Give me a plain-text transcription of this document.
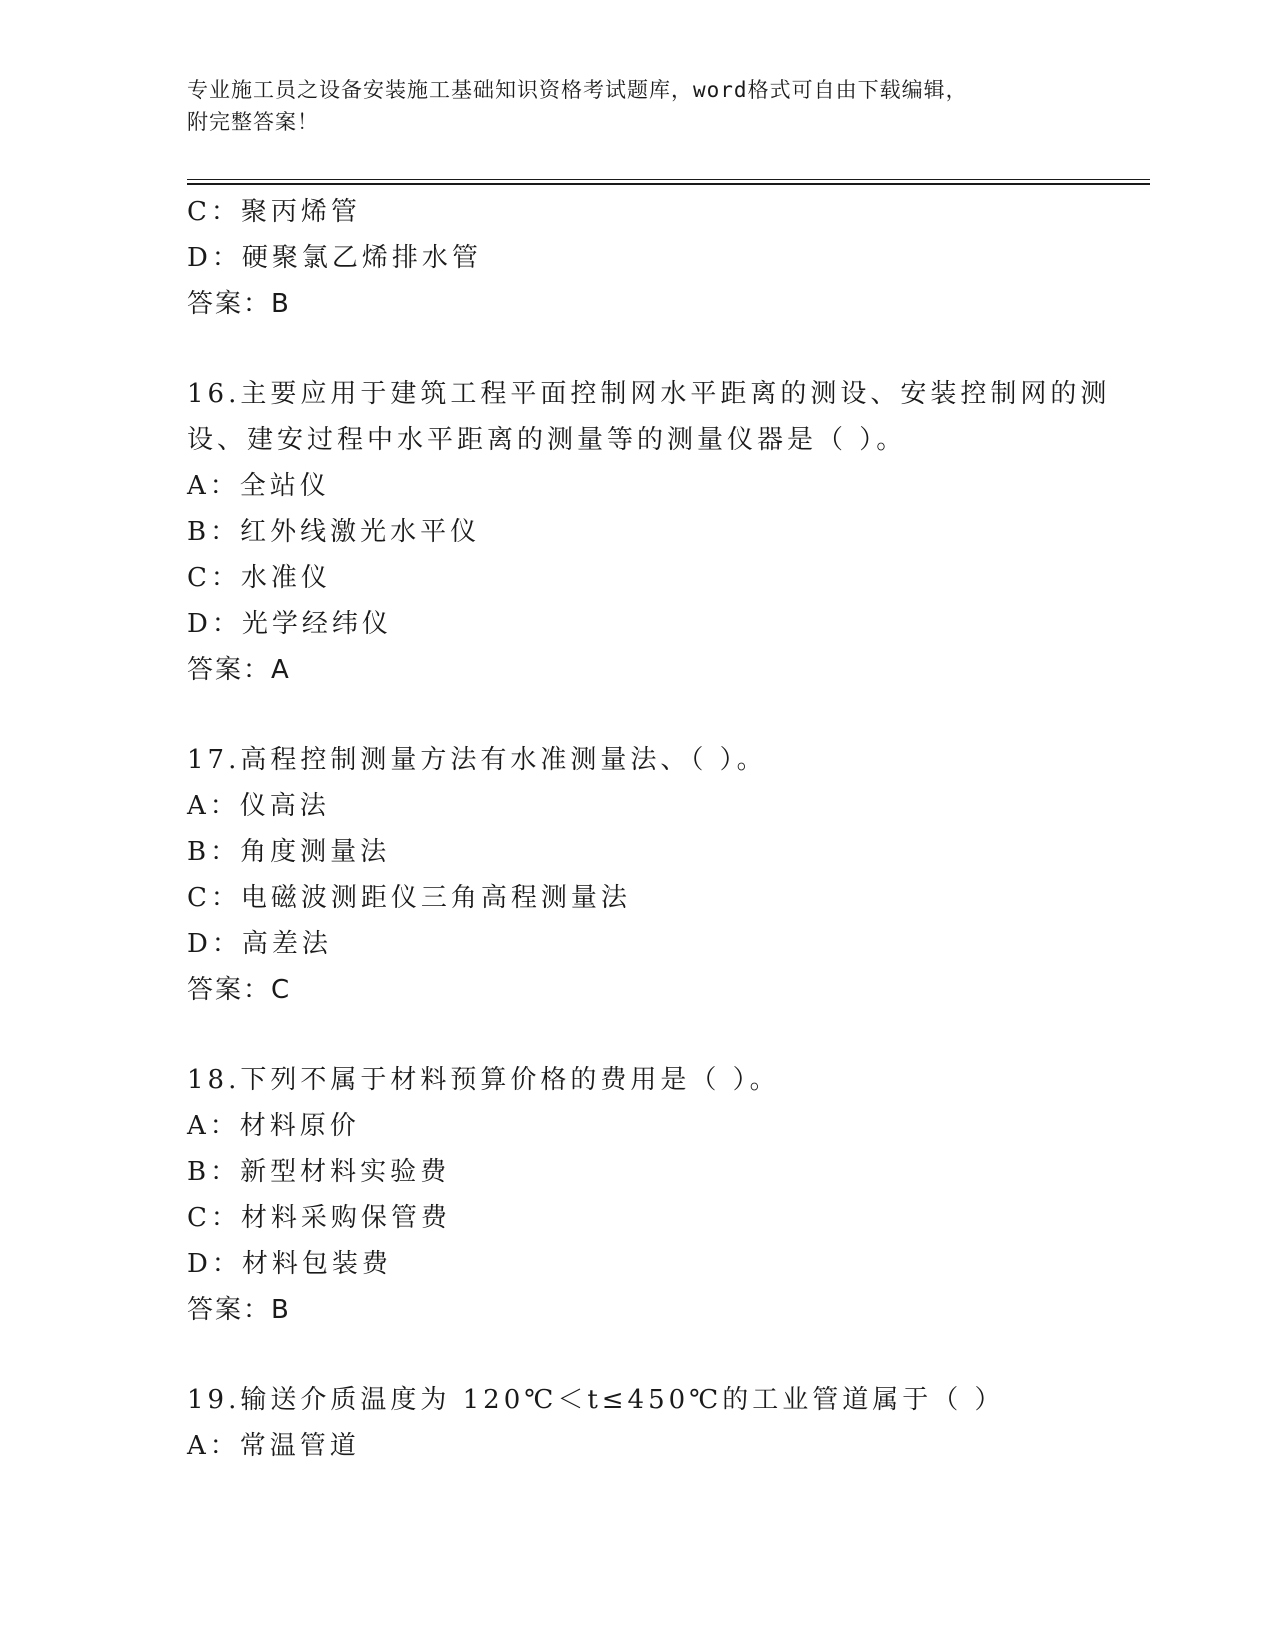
专业施工员之设备安装施工基础知识资格考试题库，word格式可自由下载编辑，
附完整答案！
C：聚丙烯管
D：硬聚氯乙烯排水管
答案：B
16.主要应用于建筑工程平面控制网水平距离的测设、安装控制网的测
设、建安过程中水平距离的测量等的测量仪器是（ ）。
A：全站仪
B：红外线激光水平仪
C：水准仪
D：光学经纬仪
答案：A
17.高程控制测量方法有水准测量法、（ ）。
A：仪高法
B：角度测量法
C：电磁波测距仪三角高程测量法
D：高差法
答案：C
18.下列不属于材料预算价格的费用是（ ）。
A：材料原价
B：新型材料实验费
C：材料采购保管费
D：材料包装费
答案：B
19.输送介质温度为 120℃＜t≤450℃的工业管道属于（ ）
A：常温管道
